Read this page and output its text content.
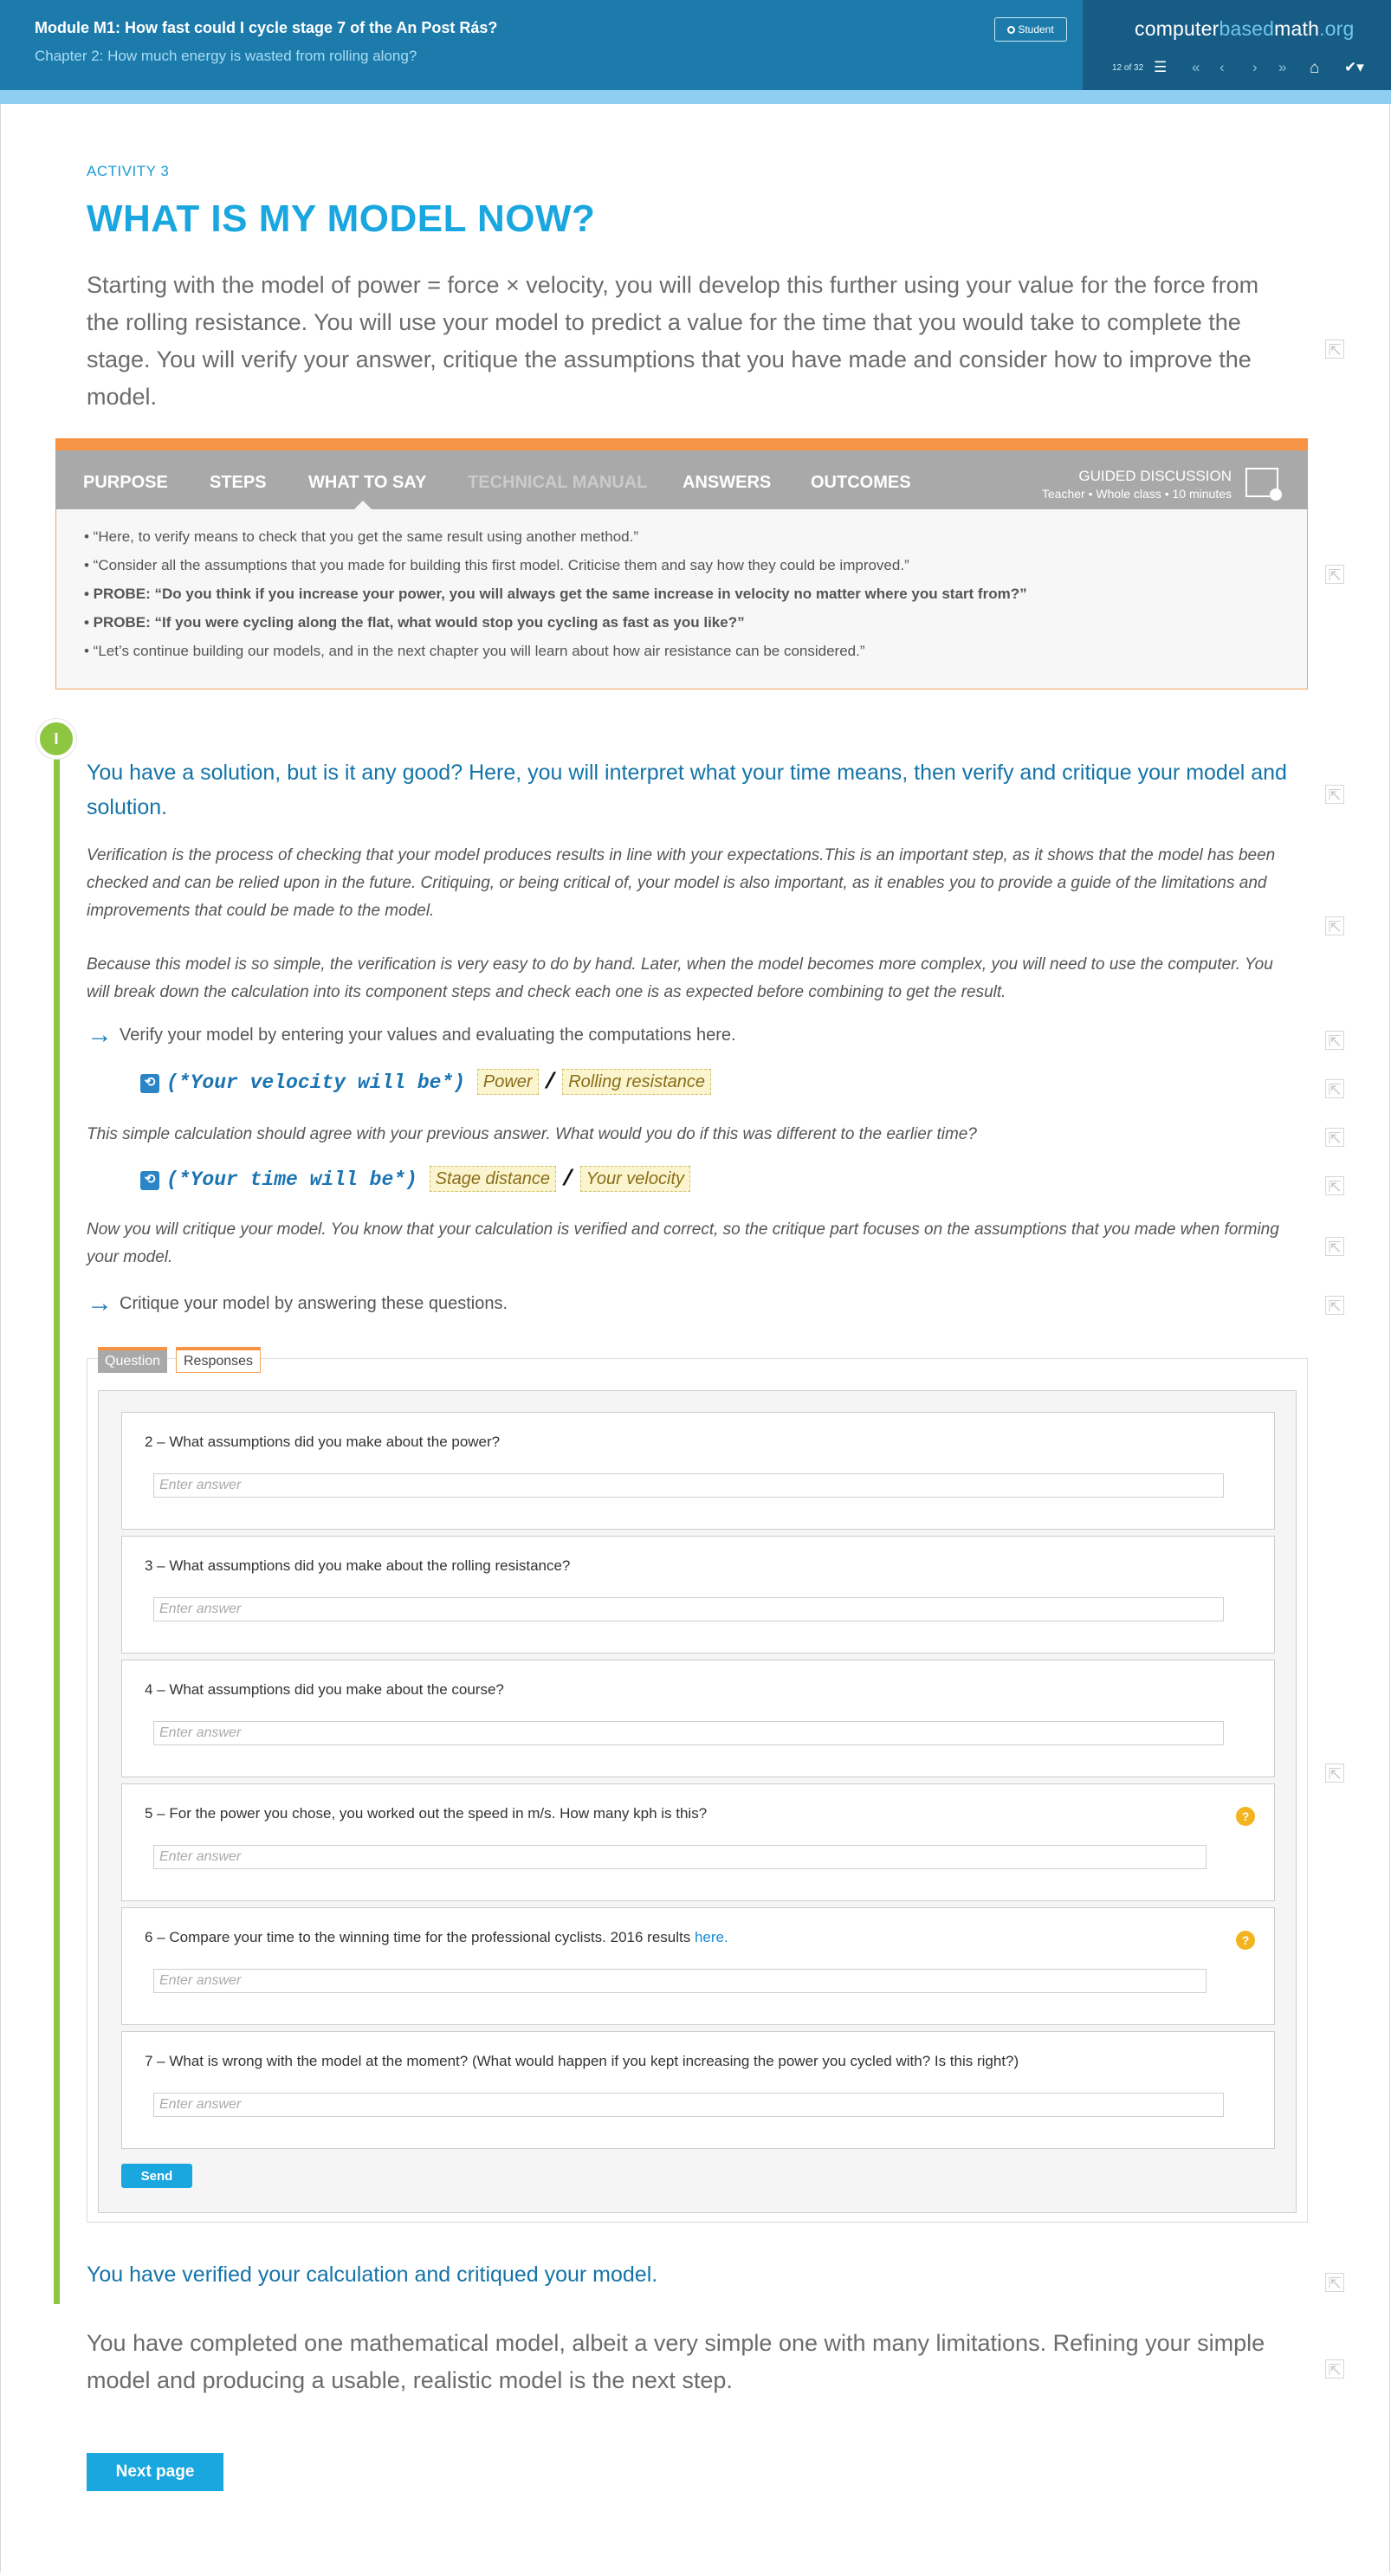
Module M1: How fast could I cycle stage 7 of the An Post Rás?
Chapter 2: How much energy is wasted from rolling along?
Student	computerbasedmath.org
12 of 32 ☰ « ‹ › » ⌂ ✔▾
ACTIVITY 3
WHAT IS MY MODEL NOW?
Starting with the model of power = force × velocity, you will develop this further using your value for the force from the rolling resistance. You will use your model to predict a value for the time that you would take to complete the stage. You will verify your answer, critique the assumptions that you have made and consider how to improve the model.
⇱
PURPOSE STEPS WHAT TO SAY TECHNICAL MANUAL ANSWERS OUTCOMES	GUIDED DISCUSSION
Teacher • Whole class • 10 minutes
• “Here, to verify means to check that you get the same result using another method.”
• “Consider all the assumptions that you made for building this first model. Criticise them and say how they could be improved.”
• PROBE: “Do you think if you increase your power, you will always get the same increase in velocity no matter where you start from?”
• PROBE: “If you were cycling along the flat, what would stop you cycling as fast as you like?”
• “Let’s continue building our models, and in the next chapter you will learn about how air resistance can be considered.”
⇱
I
You have a solution, but is it any good? Here, you will interpret what your time means, then verify and critique your model and solution.	⇱
Verification is the process of checking that your model produces results in line with your expectations.This is an important step, as it shows that the model has been checked and can be relied upon in the future. Critiquing, or being critical of, your model is also important, as it enables you to provide a guide of the limitations and improvements that could be made to the model.
⇱
Because this model is so simple, the verification is very easy to do by hand. Later, when the model becomes more complex, you will need to use the computer. You will break down the calculation into its component steps and check each one is as expected before combining to get the result.
→ Verify your model by entering your values and evaluating the computations here.	⇱
⟲ (*Your velocity will be*) Power / Rolling resistance	⇱
This simple calculation should agree with your previous answer. What would you do if this was different to the earlier time?	⇱
⟲ (*Your time will be*) Stage distance / Your velocity	⇱
Now you will critique your model. You know that your calculation is verified and correct, so the critique part focuses on the assumptions that you made when forming your model.
⇱
→ Critique your model by answering these questions.	⇱
Question	Responses
2 – What assumptions did you make about the power?
Enter answer
3 – What assumptions did you make about the rolling resistance?
Enter answer
4 – What assumptions did you make about the course?
Enter answer
5 – For the power you chose, you worked out the speed in m/s. How many kph is this?	?
Enter answer
6 – Compare your time to the winning time for the professional cyclists. 2016 results here.	?
Enter answer
7 – What is wrong with the model at the moment? (What would happen if you kept increasing the power you cycled with? Is this right?)
Enter answer
Send
⇱
You have verified your calculation and critiqued your model.	⇱
You have completed one mathematical model, albeit a very simple one with many limitations. Refining your simple model and producing a usable, realistic model is the next step.	⇱
Next page
